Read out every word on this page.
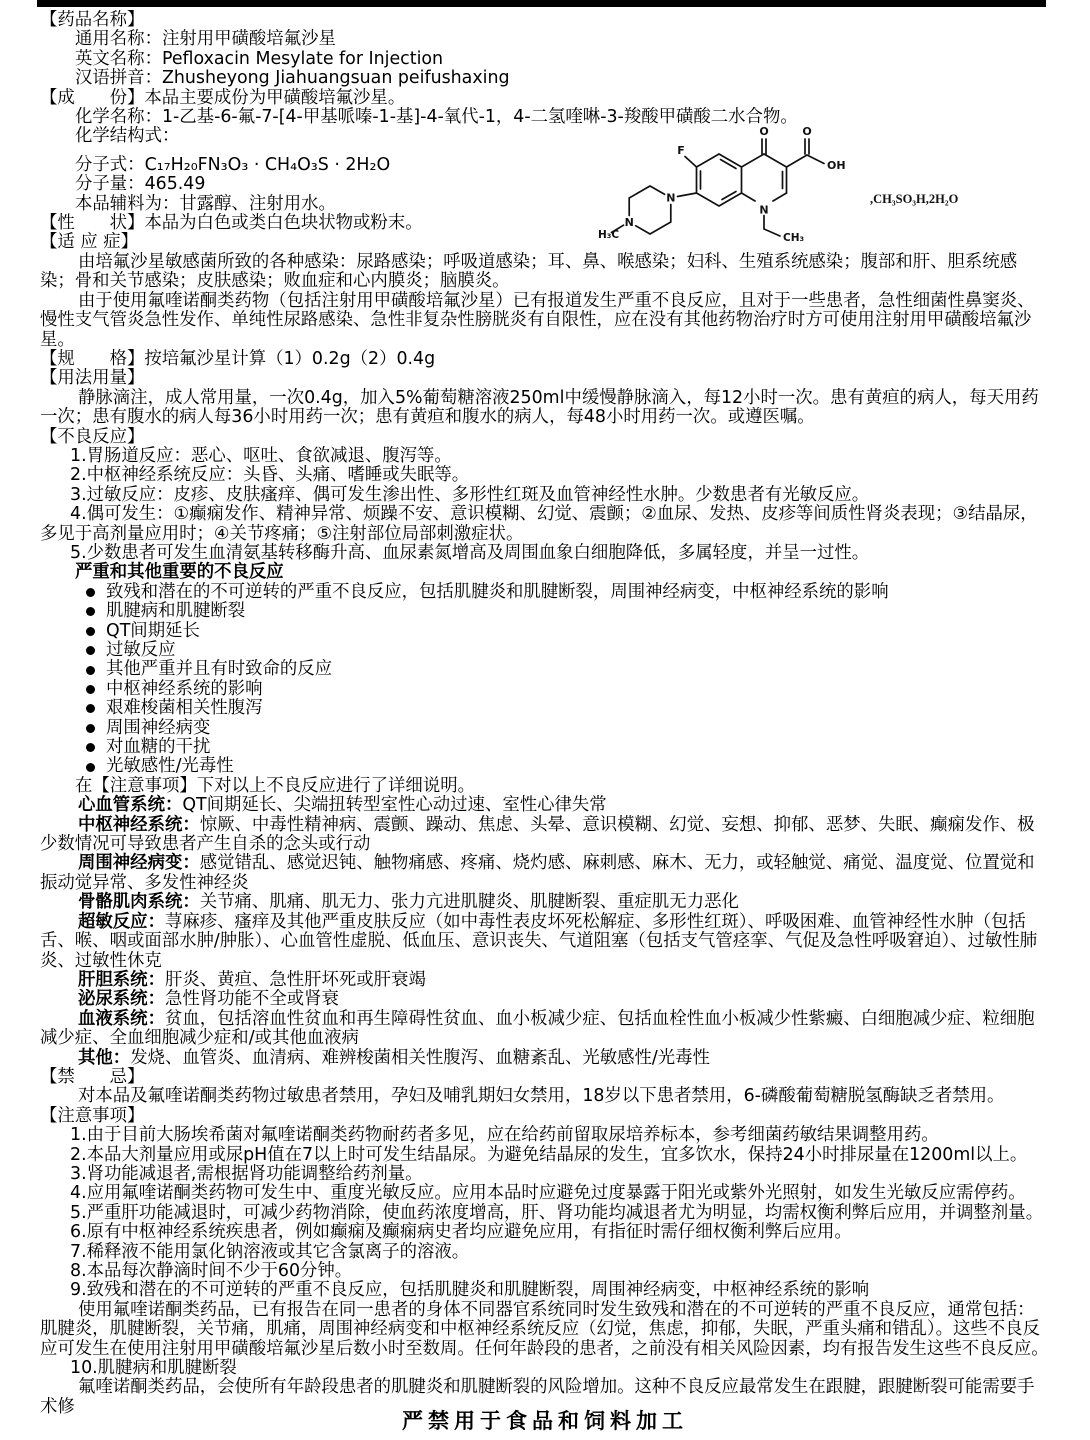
O	O
OH
F
N
N
N
H₃C	CH₃
,CH₃SO₃H,2H₂O

【药品名称】

通用名称：注射用甲磺酸培氟沙星

英文名称：Pefloxacin Mesylate for Injection

汉语拼音：Zhusheyong Jiahuangsuan peifushaxing

【成　　份】本品主要成份为甲磺酸培氟沙星。

化学名称：1-乙基-6-氟-7-[4-甲基哌嗪-1-基]-4-氧代-1，4-二氢喹啉-3-羧酸甲磺酸二水合物。

化学结构式：

分子式：C₁₇H₂₀FN₃O₃ · CH₄O₃S · 2H₂O

分子量：465.49

本品辅料为：甘露醇、注射用水。

【性　　状】本品为白色或类白色块状物或粉末。

【适 应 症】

由培氟沙星敏感菌所致的各种感染：尿路感染；呼吸道感染；耳、鼻、喉感染；妇科、生殖系统感染；腹部和肝、胆系统感染；骨和关节感染；皮肤感染；败血症和心内膜炎；脑膜炎。

由于使用氟喹诺酮类药物（包括注射用甲磺酸培氟沙星）已有报道发生严重不良反应，且对于一些患者，急性细菌性鼻窦炎、慢性支气管炎急性发作、单纯性尿路感染、急性非复杂性膀胱炎有自限性，应在没有其他药物治疗时方可使用注射用甲磺酸培氟沙星。

【规　　格】按培氟沙星计算（1）0.2g（2）0.4g

【用法用量】

静脉滴注，成人常用量，一次0.4g，加入5%葡萄糖溶液250ml中缓慢静脉滴入，每12小时一次。患有黄疸的病人，每天用药一次；患有腹水的病人每36小时用药一次；患有黄疸和腹水的病人，每48小时用药一次。或遵医嘱。

【不良反应】

1.胃肠道反应：恶心、呕吐、食欲减退、腹泻等。

2.中枢神经系统反应：头昏、头痛、嗜睡或失眠等。

3.过敏反应：皮疹、皮肤瘙痒、偶可发生渗出性、多形性红斑及血管神经性水肿。少数患者有光敏反应。

4.偶可发生：①癫痫发作、精神异常、烦躁不安、意识模糊、幻觉、震颤；②血尿、发热、皮疹等间质性肾炎表现；③结晶尿，多见于高剂量应用时；④关节疼痛；⑤注射部位局部刺激症状。

5.少数患者可发生血清氨基转移酶升高、血尿素氮增高及周围血象白细胞降低，多属轻度，并呈一过性。

严重和其他重要的不良反应

致残和潜在的不可逆转的严重不良反应，包括肌腱炎和肌腱断裂，周围神经病变，中枢神经系统的影响
肌腱病和肌腱断裂
QT间期延长
过敏反应
其他严重并且有时致命的反应
中枢神经系统的影响
艰难梭菌相关性腹泻
周围神经病变
对血糖的干扰
光敏感性/光毒性

在【注意事项】下对以上不良反应进行了详细说明。

心血管系统：QT间期延长、尖端扭转型室性心动过速、室性心律失常

中枢神经系统：惊厥、中毒性精神病、震颤、躁动、焦虑、头晕、意识模糊、幻觉、妄想、抑郁、恶梦、失眠、癫痫发作、极少数情况可导致患者产生自杀的念头或行动

周围神经病变：感觉错乱、感觉迟钝、触物痛感、疼痛、烧灼感、麻刺感、麻木、无力，或轻触觉、痛觉、温度觉、位置觉和振动觉异常、多发性神经炎

骨骼肌肉系统：关节痛、肌痛、肌无力、张力亢进肌腱炎、肌腱断裂、重症肌无力恶化

超敏反应：荨麻疹、瘙痒及其他严重皮肤反应（如中毒性表皮坏死松解症、多形性红斑）、呼吸困难、血管神经性水肿（包括舌、喉、咽或面部水肿/肿胀）、心血管性虚脱、低血压、意识丧失、气道阻塞（包括支气管痉挛、气促及急性呼吸窘迫）、过敏性肺炎、过敏性休克

肝胆系统：肝炎、黄疸、急性肝坏死或肝衰竭

泌尿系统：急性肾功能不全或肾衰

血液系统：贫血，包括溶血性贫血和再生障碍性贫血、血小板减少症、包括血栓性血小板减少性紫癜、白细胞减少症、粒细胞减少症、全血细胞减少症和/或其他血液病

其他：发烧、血管炎、血清病、难辨梭菌相关性腹泻、血糖紊乱、光敏感性/光毒性

【禁　　忌】

对本品及氟喹诺酮类药物过敏患者禁用，孕妇及哺乳期妇女禁用，18岁以下患者禁用，6-磷酸葡萄糖脱氢酶缺乏者禁用。

【注意事项】

1.由于目前大肠埃希菌对氟喹诺酮类药物耐药者多见，应在给药前留取尿培养标本，参考细菌药敏结果调整用药。

2.本品大剂量应用或尿pH值在7以上时可发生结晶尿。为避免结晶尿的发生，宜多饮水，保持24小时排尿量在1200ml以上。

3.肾功能减退者,需根据肾功能调整给药剂量。

4.应用氟喹诺酮类药物可发生中、重度光敏反应。应用本品时应避免过度暴露于阳光或紫外光照射，如发生光敏反应需停药。

5.严重肝功能减退时，可减少药物消除，使血药浓度增高，肝、肾功能均减退者尤为明显，均需权衡利弊后应用，并调整剂量。

6.原有中枢神经系统疾患者，例如癫痫及癫痫病史者均应避免应用，有指征时需仔细权衡利弊后应用。

7.稀释液不能用氯化钠溶液或其它含氯离子的溶液。

8.本品每次静滴时间不少于60分钟。

9.致残和潜在的不可逆转的严重不良反应，包括肌腱炎和肌腱断裂，周围神经病变，中枢神经系统的影响

使用氟喹诺酮类药品，已有报告在同一患者的身体不同器官系统同时发生致残和潜在的不可逆转的严重不良反应，通常包括：肌腱炎，肌腱断裂，关节痛，肌痛，周围神经病变和中枢神经系统反应（幻觉，焦虑，抑郁，失眠，严重头痛和错乱）。这些不良反应可发生在使用注射用甲磺酸培氟沙星后数小时至数周。任何年龄段的患者，之前没有相关风险因素，均有报告发生这些不良反应。

10.肌腱病和肌腱断裂

氟喹诺酮类药品，会使所有年龄段患者的肌腱炎和肌腱断裂的风险增加。这种不良反应最常发生在跟腱，跟腱断裂可能需要手术修

严禁用于食品和饲料加工
